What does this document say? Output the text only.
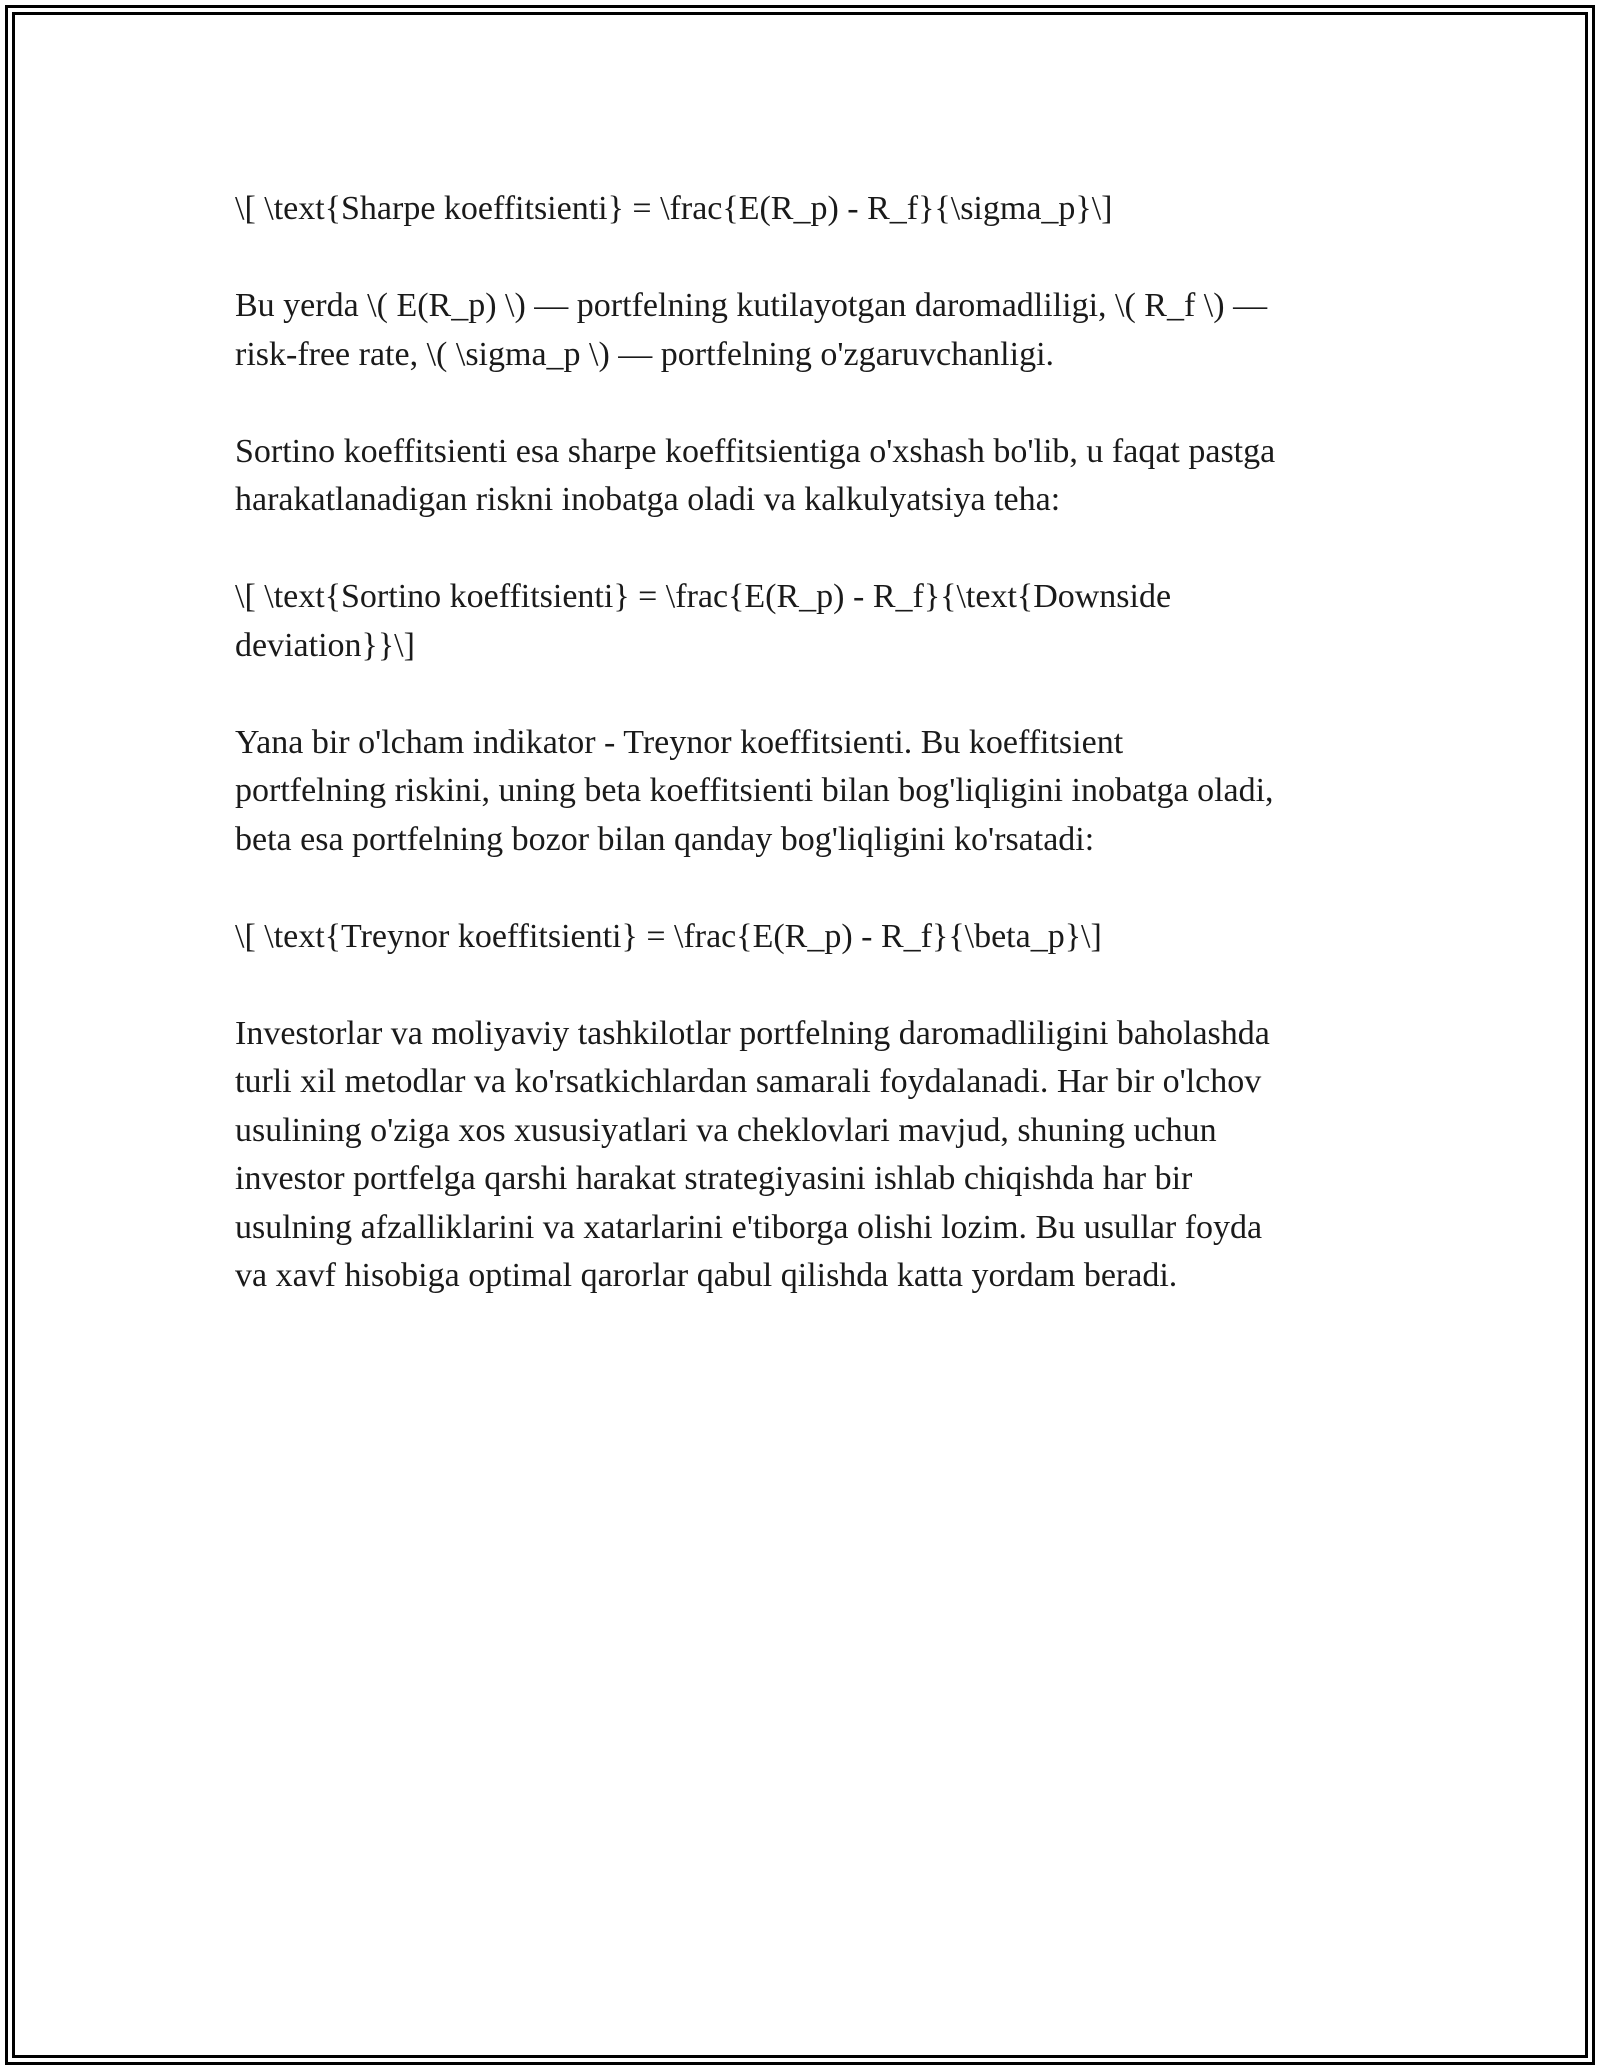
\[ \text{Sharpe koeffitsienti} = \frac{E(R_p) - R_f}{\sigma_p}\]

Bu yerda \( E(R_p) \) — portfelning kutilayotgan daromadliligi, \( R_f \) —
risk-free rate, \( \sigma_p \) — portfelning o'zgaruvchanligi.

Sortino koeffitsienti esa sharpe koeffitsientiga o'xshash bo'lib, u faqat pastga
harakatlanadigan riskni inobatga oladi va kalkulyatsiya teha:

\[ \text{Sortino koeffitsienti} = \frac{E(R_p) - R_f}{\text{Downside
deviation}}\]

Yana bir o'lcham indikator - Treynor koeffitsienti. Bu koeffitsient
portfelning riskini, uning beta koeffitsienti bilan bog'liqligini inobatga oladi,
beta esa portfelning bozor bilan qanday bog'liqligini ko'rsatadi:

\[ \text{Treynor koeffitsienti} = \frac{E(R_p) - R_f}{\beta_p}\]

Investorlar va moliyaviy tashkilotlar portfelning daromadliligini baholashda
turli xil metodlar va ko'rsatkichlardan samarali foydalanadi. Har bir o'lchov
usulining o'ziga xos xususiyatlari va cheklovlari mavjud, shuning uchun
investor portfelga qarshi harakat strategiyasini ishlab chiqishda har bir
usulning afzalliklarini va xatarlarini e'tiborga olishi lozim. Bu usullar foyda
va xavf hisobiga optimal qarorlar qabul qilishda katta yordam beradi.
